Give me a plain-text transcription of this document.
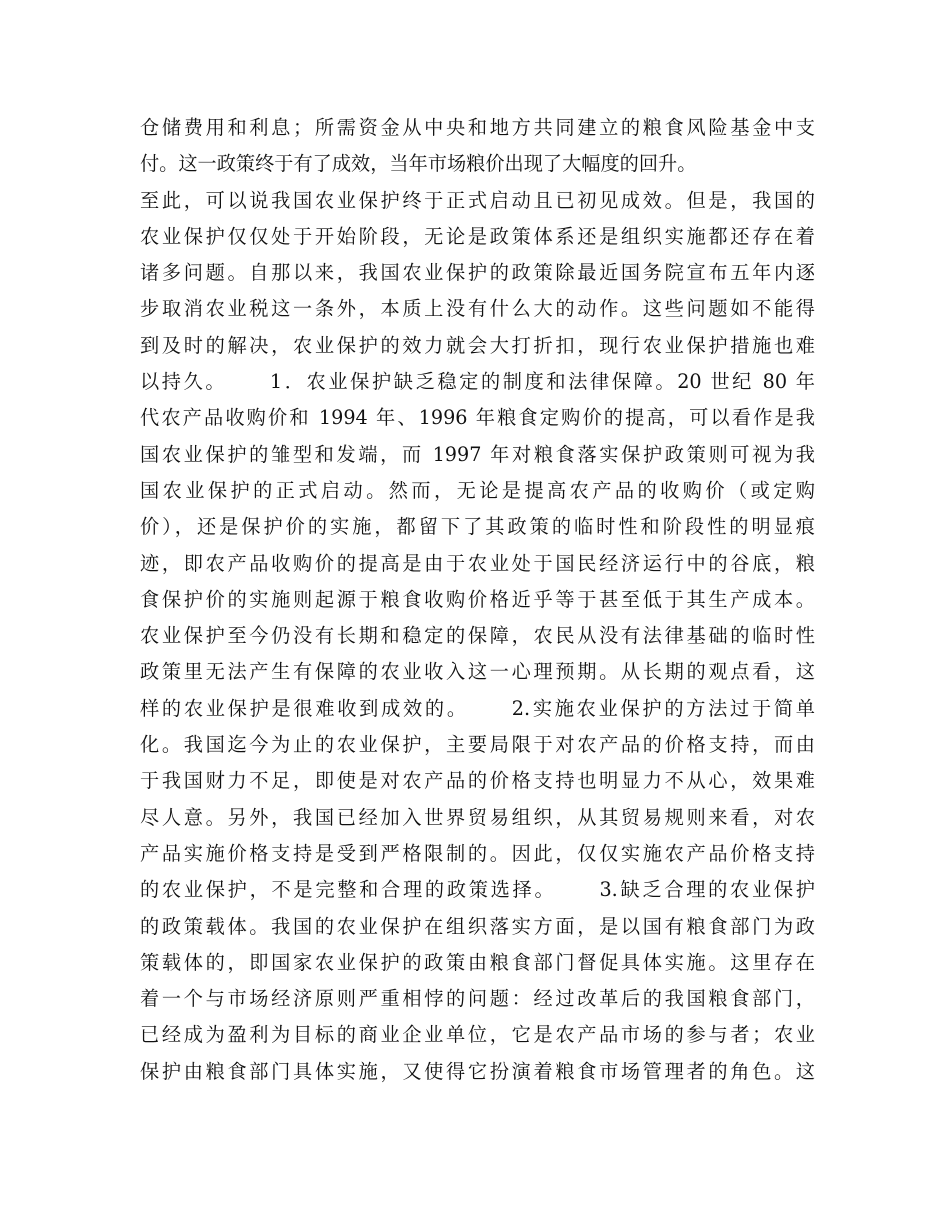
仓储费用和利息；所需资金从中央和地方共同建立的粮食风险基金中支
付。这一政策终于有了成效，当年市场粮价出现了大幅度的回升。
至此，可以说我国农业保护终于正式启动且已初见成效。但是，我国的
农业保护仅仅处于开始阶段，无论是政策体系还是组织实施都还存在着
诸多问题。自那以来，我国农业保护的政策除最近国务院宣布五年内逐
步取消农业税这一条外，本质上没有什么大的动作。这些问题如不能得
到及时的解决，农业保护的效力就会大打折扣，现行农业保护措施也难
以持久。　　 1．农业保护缺乏稳定的制度和法律保障。20 世纪 80 年
代农产品收购价和 1994 年、1996 年粮食定购价的提高，可以看作是我
国农业保护的雏型和发端，而 1997 年对粮食落实保护政策则可视为我
国农业保护的正式启动。然而，无论是提高农产品的收购价（或定购
价），还是保护价的实施，都留下了其政策的临时性和阶段性的明显痕
迹，即农产品收购价的提高是由于农业处于国民经济运行中的谷底，粮
食保护价的实施则起源于粮食收购价格近乎等于甚至低于其生产成本。
农业保护至今仍没有长期和稳定的保障，农民从没有法律基础的临时性
政策里无法产生有保障的农业收入这一心理预期。从长期的观点看，这
样的农业保护是很难收到成效的。　　 2.实施农业保护的方法过于简单
化。我国迄今为止的农业保护，主要局限于对农产品的价格支持，而由
于我国财力不足，即使是对农产品的价格支持也明显力不从心，效果难
尽人意。另外，我国已经加入世界贸易组织，从其贸易规则来看，对农
产品实施价格支持是受到严格限制的。因此，仅仅实施农产品价格支持
的农业保护，不是完整和合理的政策选择。　　 3.缺乏合理的农业保护
的政策载体。我国的农业保护在组织落实方面，是以国有粮食部门为政
策载体的，即国家农业保护的政策由粮食部门督促具体实施。这里存在
着一个与市场经济原则严重相悖的问题：经过改革后的我国粮食部门，
已经成为盈利为目标的商业企业单位，它是农产品市场的参与者；农业
保护由粮食部门具体实施，又使得它扮演着粮食市场管理者的角色。这
